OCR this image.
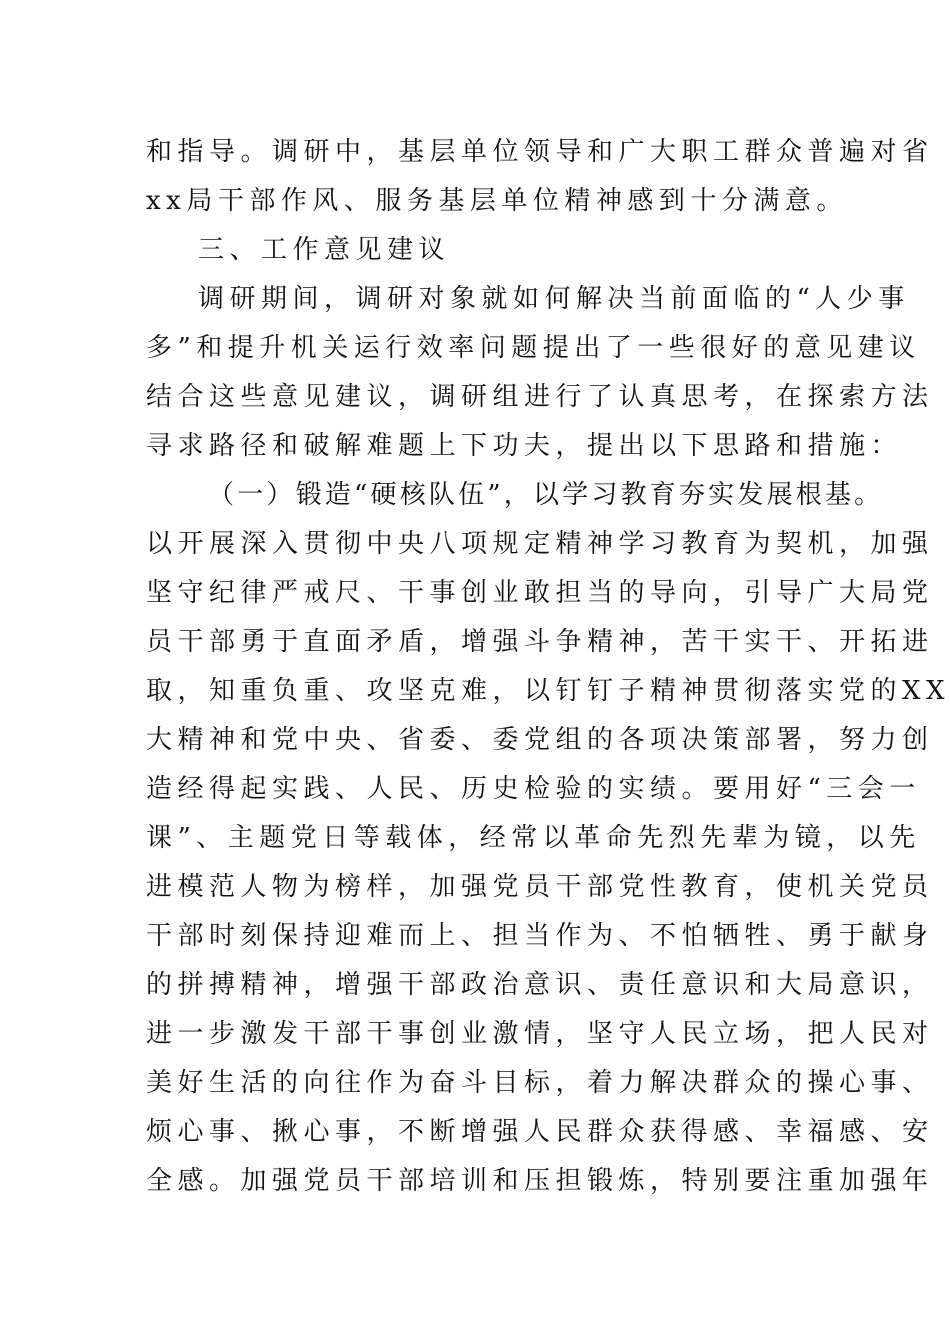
和指导。调研中，基层单位领导和广大职工群众普遍对省
xx局干部作风、服务基层单位精神感到十分满意。
三、工作意见建议
调研期间，调研对象就如何解决当前面临的“人少事
多”和提升机关运行效率问题提出了一些很好的意见建议
结合这些意见建议，调研组进行了认真思考，在探索方法
寻求路径和破解难题上下功夫，提出以下思路和措施：
（一）锻造“硬核队伍”，以学习教育夯实发展根基。
以开展深入贯彻中央八项规定精神学习教育为契机，加强
坚守纪律严戒尺、干事创业敢担当的导向，引导广大局党
员干部勇于直面矛盾，增强斗争精神，苦干实干、开拓进
取，知重负重、攻坚克难，以钉钉子精神贯彻落实党的XX
大精神和党中央、省委、委党组的各项决策部署，努力创
造经得起实践、人民、历史检验的实绩。要用好“三会一
课”、主题党日等载体，经常以革命先烈先辈为镜，以先
进模范人物为榜样，加强党员干部党性教育，使机关党员
干部时刻保持迎难而上、担当作为、不怕牺牲、勇于献身
的拼搏精神，增强干部政治意识、责任意识和大局意识，
进一步激发干部干事创业激情，坚守人民立场，把人民对
美好生活的向往作为奋斗目标，着力解决群众的操心事、
烦心事、揪心事，不断增强人民群众获得感、幸福感、安
全感。加强党员干部培训和压担锻炼，特别要注重加强年
